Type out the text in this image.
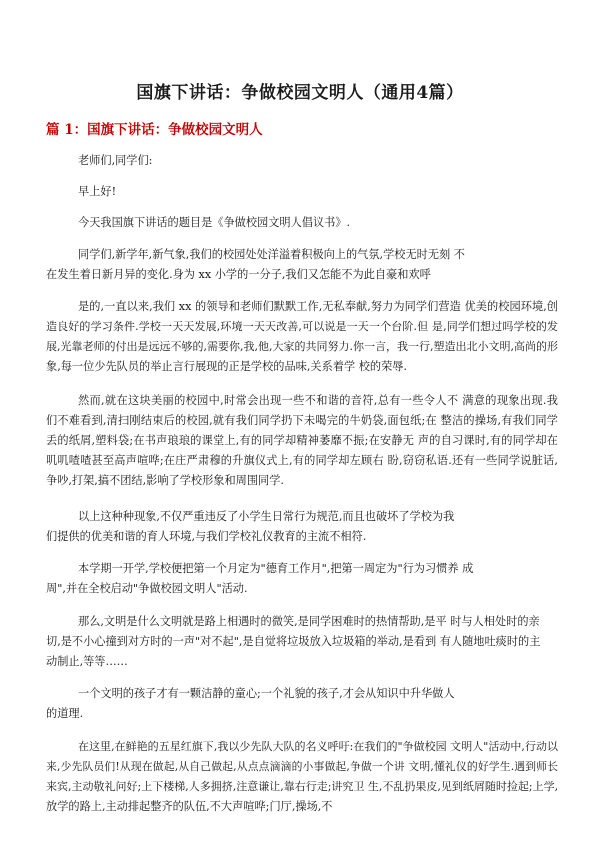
国旗下讲话：争做校园文明人（通用4篇）
篇 1：国旗下讲话：争做校园文明人
老师们,同学们:
早上好!
今天我国旗下讲话的题目是《争做校园文明人倡议书》.
同学们,新学年,新气象,我们的校园处处洋溢着积极向上的气氛,学校无时无刻 不
在发生着日新月异的变化.身为 xx 小学的一分子,我们又怎能不为此自豪和欢呼
是的,一直以来,我们 xx 的领导和老师们默默工作,无私奉献,努力为同学们营造 优美的校园环境,创
造良好的学习条件.学校一天天发展,环境一天天改善,可以说是一天一个台阶.但 是,同学们想过吗学校的发
展,光靠老师的付出是远远不够的,需要你,我,他,大家的共同努力.你一言，我一行,塑造出北小文明,高尚的形
象,每一位少先队员的举止言行展现的正是学校的品味,关系着学 校的荣辱.
然而,就在这块美丽的校园中,时常会出现一些不和谐的音符,总有一些令人不 满意的现象出现.我
们不难看到,清扫刚结束后的校园,就有我们同学扔下未喝完的牛奶袋,面包纸;在 整洁的操场,有我们同学
丢的纸屑,塑料袋;在书声琅琅的课堂上,有的同学却精神萎靡不振;在安静无 声的自习课时,有的同学却在
叽叽喳喳甚至高声喧哗;在庄严肃穆的升旗仪式上,有的同学却左顾右 盼,窃窃私语.还有一些同学说脏话,
争吵,打架,搞不团结,影响了学校形象和周围同学.
以上这种种现象,不仅严重违反了小学生日常行为规范,而且也破坏了学校为我
们提供的优美和谐的育人环境,与我们学校礼仪教育的主流不相符.
本学期一开学,学校便把第一个月定为"德育工作月",把第一周定为"行为习惯养 成
周",并在全校启动"争做校园文明人"活动.
那么,文明是什么文明就是路上相遇时的微笑,是同学困难时的热情帮助,是平 时与人相处时的亲
切,是不小心撞到对方时的一声"对不起",是自觉将垃圾放入垃圾箱的举动,是看到 有人随地吐痰时的主
动制止,等等……
一个文明的孩子才有一颗洁静的童心;一个礼貌的孩子,才会从知识中升华做人
的道理.
在这里,在鲜艳的五星红旗下,我以少先队大队的名义呼吁:在我们的"争做校园 文明人"活动中,行动以
来,少先队员们!从现在做起,从自己做起,从点点滴滴的小事做起,争做一个讲 文明,懂礼仪的好学生.遇到师长
来宾,主动敬礼问好;上下楼梯,人多拥挤,注意谦让,靠右行走;讲究卫 生,不乱扔果皮,见到纸屑随时捡起;上学,
放学的路上,主动排起整齐的队伍,不大声喧哗;门厅,操场,不
